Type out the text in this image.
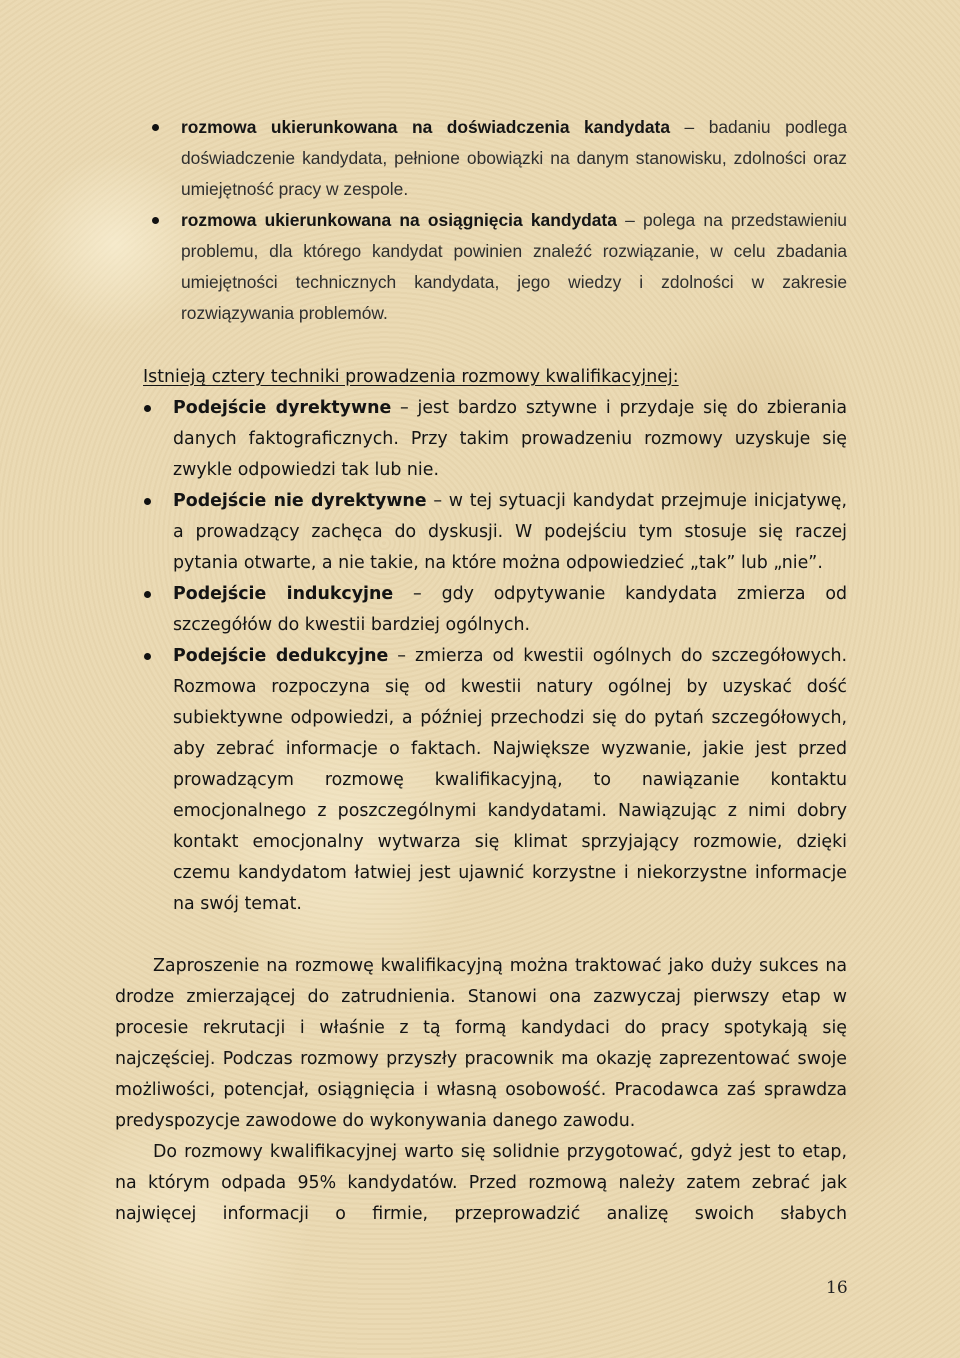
rozmowa ukierunkowana na doświadczenia kandydata – badaniu podlega doświadczenie kandydata, pełnione obowiązki na danym stanowisku, zdolności oraz umiejętność pracy w zespole.
rozmowa ukierunkowana na osiągnięcia kandydata – polega na przedstawieniu problemu, dla którego kandydat powinien znaleźć rozwiązanie, w celu zbadania umiejętności technicznych kandydata, jego wiedzy i zdolności w zakresie rozwiązywania problemów.

Istnieją cztery techniki prowadzenia rozmowy kwalifikacyjnej:

Podejście dyrektywne – jest bardzo sztywne i przydaje się do zbierania danych faktograficznych. Przy takim prowadzeniu rozmowy uzyskuje się zwykle odpowiedzi tak lub nie.
Podejście nie dyrektywne – w tej sytuacji kandydat przejmuje inicjatywę, a prowadzący zachęca do dyskusji. W podejściu tym stosuje się raczej pytania otwarte, a nie takie, na które można odpowiedzieć „tak” lub „nie”.
Podejście indukcyjne – gdy odpytywanie kandydata zmierza od szczegółów do kwestii bardziej ogólnych.
Podejście dedukcyjne – zmierza od kwestii ogólnych do szczegółowych. Rozmowa rozpoczyna się od kwestii natury ogólnej by uzyskać dość subiektywne odpowiedzi, a później przechodzi się do pytań szczegółowych, aby zebrać informacje o faktach. Największe wyzwanie, jakie jest przed prowadzącym rozmowę kwalifikacyjną, to nawiązanie kontaktu emocjonalnego z poszczególnymi kandydatami. Nawiązując z nimi dobry kontakt emocjonalny wytwarza się klimat sprzyjający rozmowie, dzięki czemu kandydatom łatwiej jest ujawnić korzystne i niekorzystne informacje na swój temat.

Zaproszenie na rozmowę kwalifikacyjną można traktować jako duży sukces na drodze zmierzającej do zatrudnienia. Stanowi ona zazwyczaj pierwszy etap w procesie rekrutacji i właśnie z tą formą kandydaci do pracy spotykają się najczęściej. Podczas rozmowy przyszły pracownik ma okazję zaprezentować swoje możliwości, potencjał, osiągnięcia i własną osobowość. Pracodawca zaś sprawdza predyspozycje zawodowe do wykonywania danego zawodu.

Do rozmowy kwalifikacyjnej warto się solidnie przygotować, gdyż jest to etap, na którym odpada 95% kandydatów. Przed rozmową należy zatem zebrać jak najwięcej informacji o firmie, przeprowadzić analizę swoich słabych

16
